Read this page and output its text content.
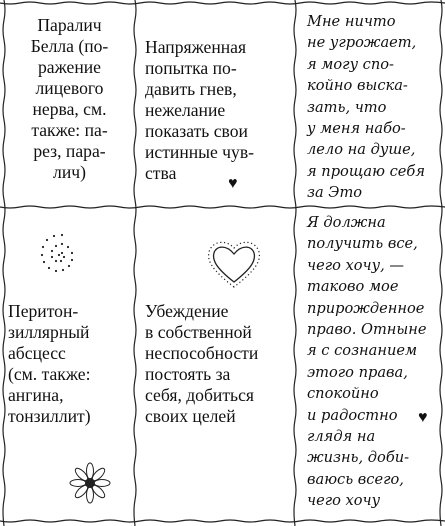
Паралич
Белла (по-
ражение
лицевого
нерва, см.
также: па-
рез, пара-
лич)
Напряженная
попытка по-
давить гнев,
нежелание
показать свои
истинные чув-
ства
♥
Мне ничто
не угрожает,
я могу спо-
койно выска-
зать, что
у меня набо-
лело на душе,
я прощаю себя
за Это
Перитон-
зиллярный
абсцесс
(см. также:
ангина,
тонзиллит)
Убеждение
в собственной
неспособности
постоять за
себя, добиться
своих целей
Я должна
получить все,
чего хочу, —
таково мое
прирожденное
право. Отныне
я с сознанием
этого права,
спокойно
и радостно
глядя на
жизнь, доби-
ваюсь всего,
чего хочу
♥
